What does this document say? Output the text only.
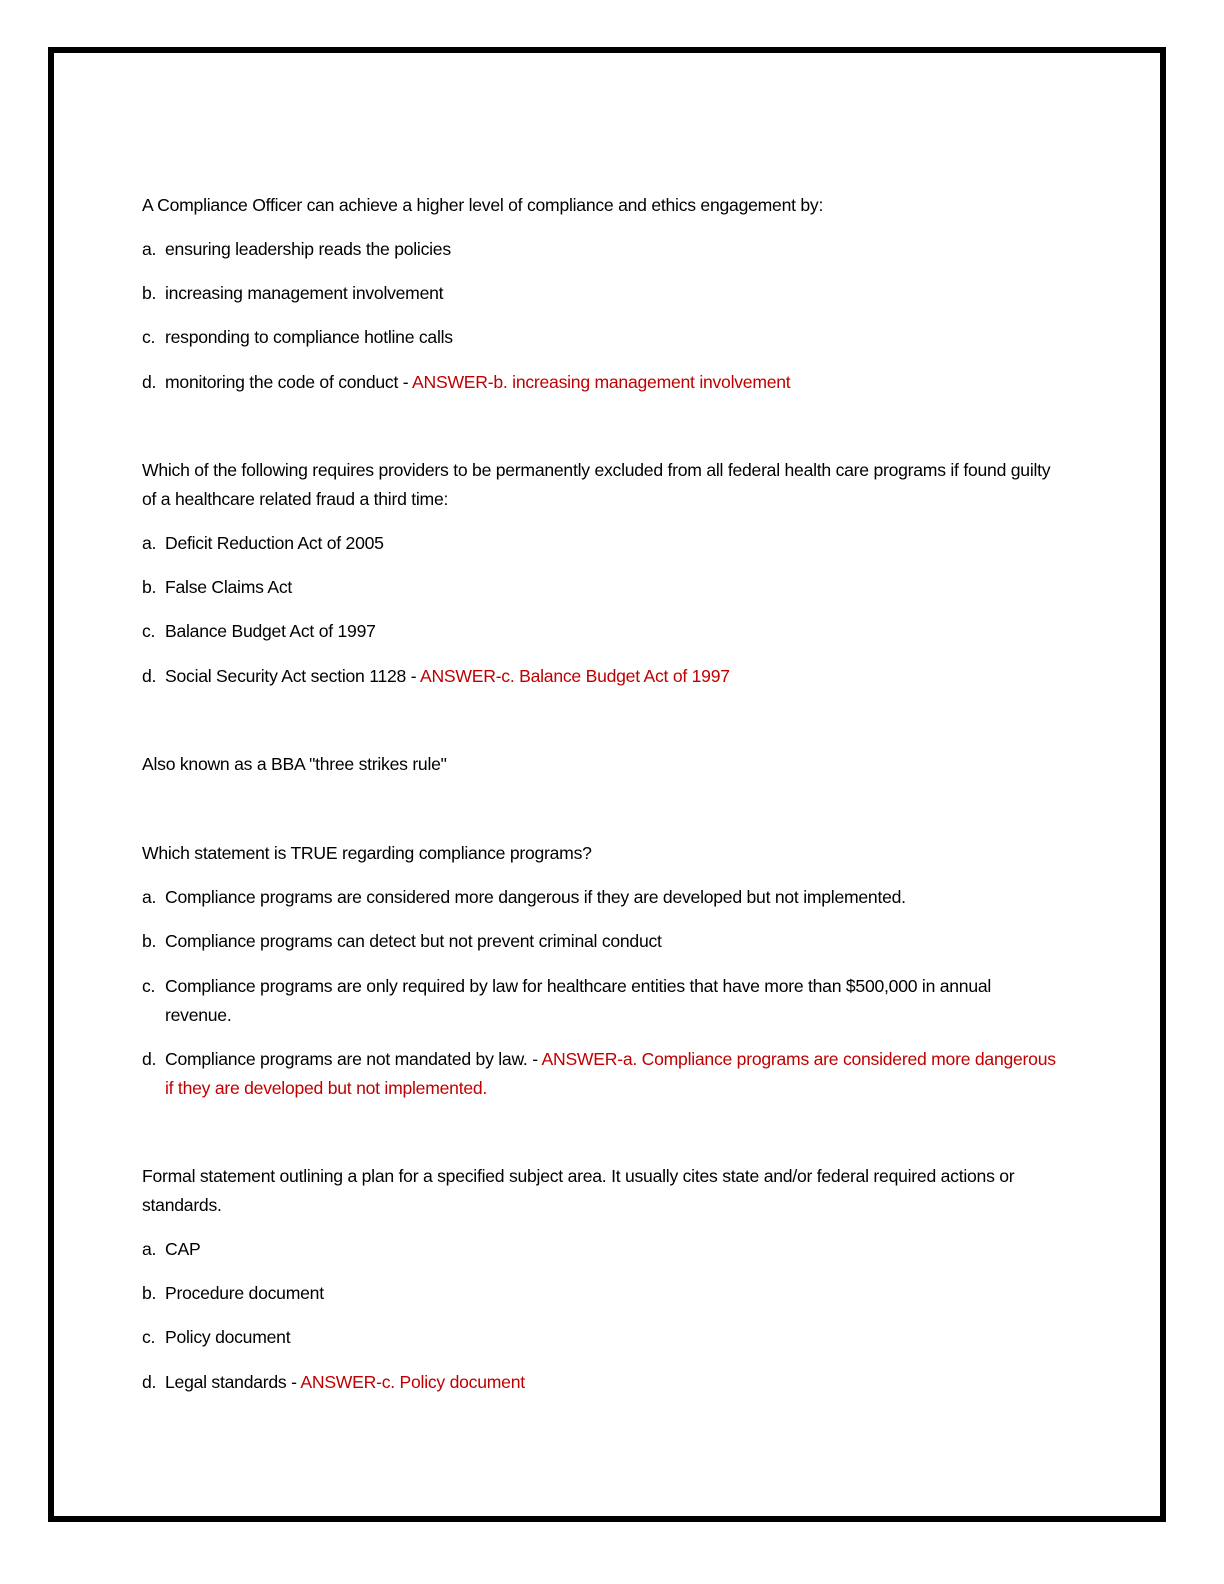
A Compliance Officer can achieve a higher level of compliance and ethics engagement by:
a. ensuring leadership reads the policies
b. increasing management involvement
c. responding to compliance hotline calls
d. monitoring the code of conduct - ANSWER-b. increasing management involvement
Which of the following requires providers to be permanently excluded from all federal health care programs if found guilty of a healthcare related fraud a third time:
a. Deficit Reduction Act of 2005
b. False Claims Act
c. Balance Budget Act of 1997
d. Social Security Act section 1128 - ANSWER-c. Balance Budget Act of 1997
Also known as a BBA "three strikes rule"
Which statement is TRUE regarding compliance programs?
a. Compliance programs are considered more dangerous if they are developed but not implemented.
b. Compliance programs can detect but not prevent criminal conduct
c. Compliance programs are only required by law for healthcare entities that have more than $500,000 in annual revenue.
d. Compliance programs are not mandated by law. - ANSWER-a. Compliance programs are considered more dangerous if they are developed but not implemented.
Formal statement outlining a plan for a specified subject area. It usually cites state and/or federal required actions or standards.
a. CAP
b. Procedure document
c. Policy document
d. Legal standards - ANSWER-c. Policy document
